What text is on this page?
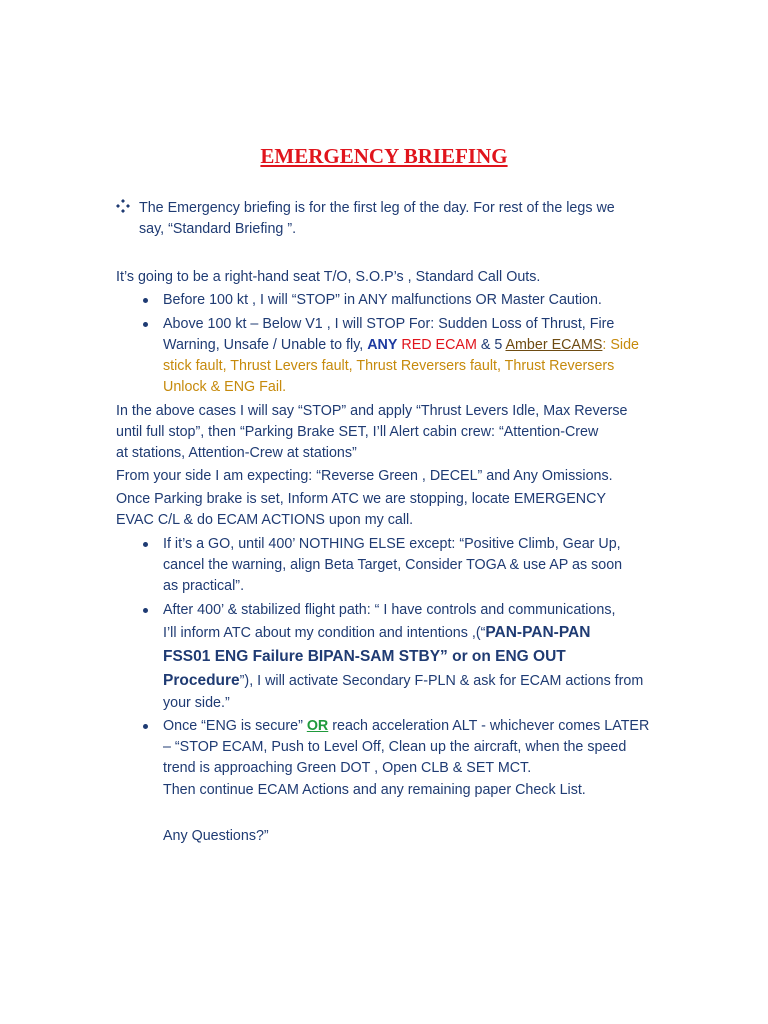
EMERGENCY BRIEFING
The Emergency briefing is for the first leg of the day. For rest of the legs we
say, “Standard Briefing ”.
It’s going to be a right-hand seat T/O, S.O.P’s , Standard Call Outs.
Before 100 kt , I will “STOP” in ANY malfunctions OR Master Caution.
Above 100 kt – Below V1 , I will STOP For: Sudden Loss of Thrust, Fire
Warning, Unsafe / Unable to fly, ANY RED ECAM & 5 Amber ECAMS: Side
stick fault, Thrust Levers fault, Thrust Reversers fault, Thrust Reversers
Unlock & ENG Fail.
In the above cases I will say “STOP” and apply “Thrust Levers Idle, Max Reverse
until full stop”, then “Parking Brake SET, I’ll Alert cabin crew: “Attention-Crew
at stations, Attention-Crew at stations”
From your side I am expecting: “Reverse Green , DECEL” and Any Omissions.
Once Parking brake is set, Inform ATC we are stopping, locate EMERGENCY
EVAC C/L & do ECAM ACTIONS upon my call.
If it’s a GO, until 400’ NOTHING ELSE except: “Positive Climb, Gear Up,
cancel the warning, align Beta Target, Consider TOGA & use AP as soon
as practical”.
After 400’ & stabilized flight path: “ I have controls and communications,
I’ll inform ATC about my condition and intentions ,(“PAN-PAN-PAN
FSS01 ENG Failure BIPAN-SAM STBY” or on ENG OUT
Procedure”), I will activate Secondary F-PLN & ask for ECAM actions from
your side.”
Once “ENG is secure” OR reach acceleration ALT - whichever comes LATER
– “STOP ECAM, Push to Level Off, Clean up the aircraft, when the speed
trend is approaching Green DOT , Open CLB & SET MCT.
Then continue ECAM Actions and any remaining paper Check List.
Any Questions?”
